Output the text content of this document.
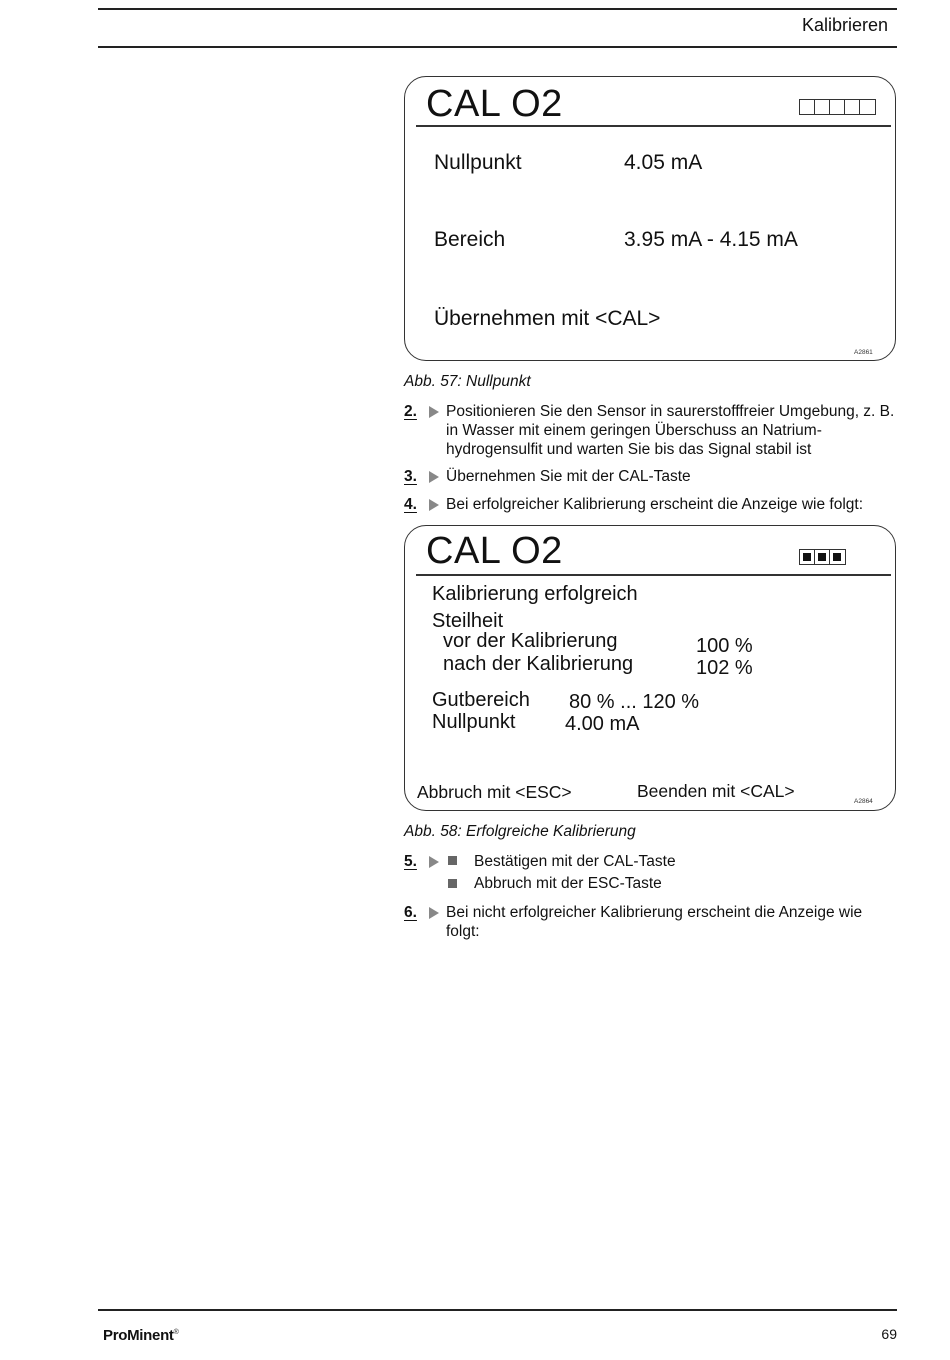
Kalibrieren
CAL O2
Nullpunkt	4.05 mA
Bereich	3.95 mA - 4.15 mA
Übernehmen mit <CAL>
A2861
Abb. 57: Nullpunkt
2. Positionieren Sie den Sensor in saurerstofffreier Umgebung, z. B. in Wasser mit einem geringen Überschuss an Natrium-hydrogensulfit und warten Sie bis das Signal stabil ist
3. Übernehmen Sie mit der CAL-Taste
4. Bei erfolgreicher Kalibrierung erscheint die Anzeige wie folgt:
CAL O2
Kalibrierung erfolgreich
Steilheit
vor der Kalibrierung	100 %
nach der Kalibrierung	102 %
Gutbereich 80 % ... 120 %
Nullpunkt 4.00 mA
Abbruch mit <ESC>	Beenden mit <CAL>
A2864
Abb. 58: Erfolgreiche Kalibrierung
5.	Bestätigen mit der CAL-Taste
Abbruch mit der ESC-Taste
6. Bei nicht erfolgreicher Kalibrierung erscheint die Anzeige wie folgt:
ProMinent®	69
